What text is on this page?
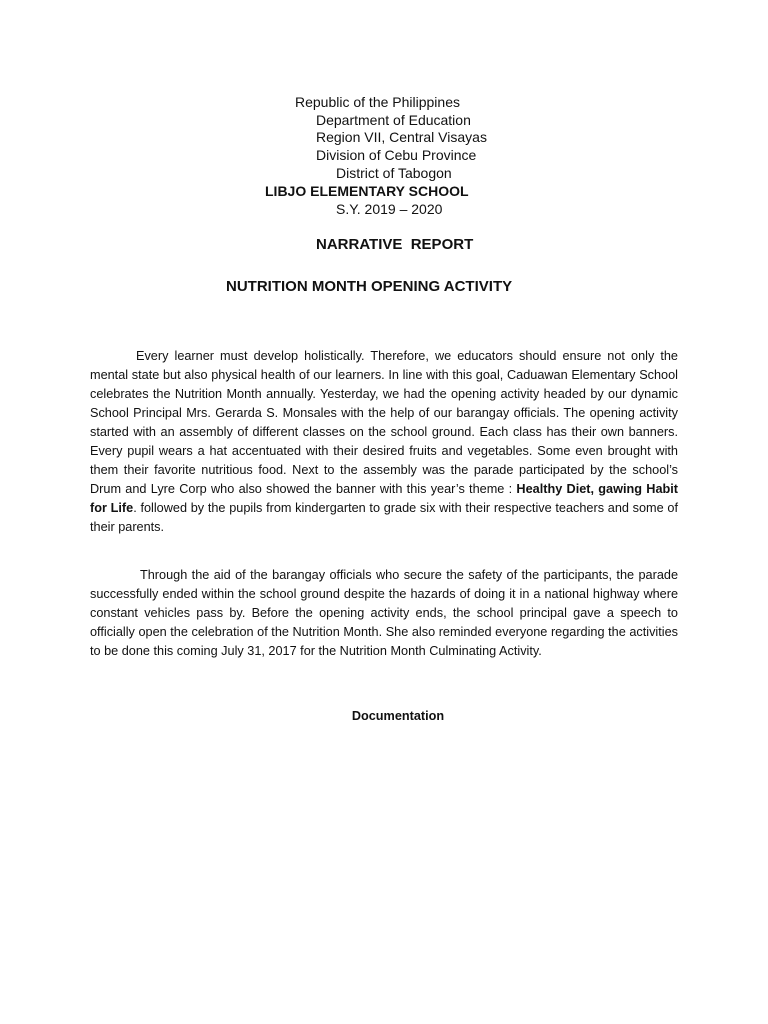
Republic of the Philippines
Department of Education
Region VII, Central Visayas
Division of Cebu Province
District of Tabogon
LIBJO ELEMENTARY SCHOOL
S.Y. 2019 – 2020
NARRATIVE  REPORT
NUTRITION MONTH OPENING ACTIVITY

Every learner must develop holistically. Therefore, we educators should ensure not only the mental state but also physical health of our learners. In line with this goal, Caduawan Elementary School celebrates the Nutrition Month annually. Yesterday, we had the opening activity headed by our dynamic School Principal Mrs. Gerarda S. Monsales with the help of our barangay officials. The opening activity started with an assembly of different classes on the school ground. Each class has their own banners. Every pupil wears a hat accentuated with their desired fruits and vegetables. Some even brought with them their favorite nutritious food. Next to the assembly was the parade participated by the school’s Drum and Lyre Corp who also showed the banner with this year’s theme : Healthy Diet, gawing Habit for Life. followed by the pupils from kindergarten to grade six with their respective teachers and some of their parents.

Through the aid of the barangay officials who secure the safety of the participants, the parade successfully ended within the school ground despite the hazards of doing it in a national highway where constant vehicles pass by. Before the opening activity ends, the school principal gave a speech to officially open the celebration of the Nutrition Month. She also reminded everyone regarding the activities to be done this coming July 31, 2017 for the Nutrition Month Culminating Activity.

Documentation
